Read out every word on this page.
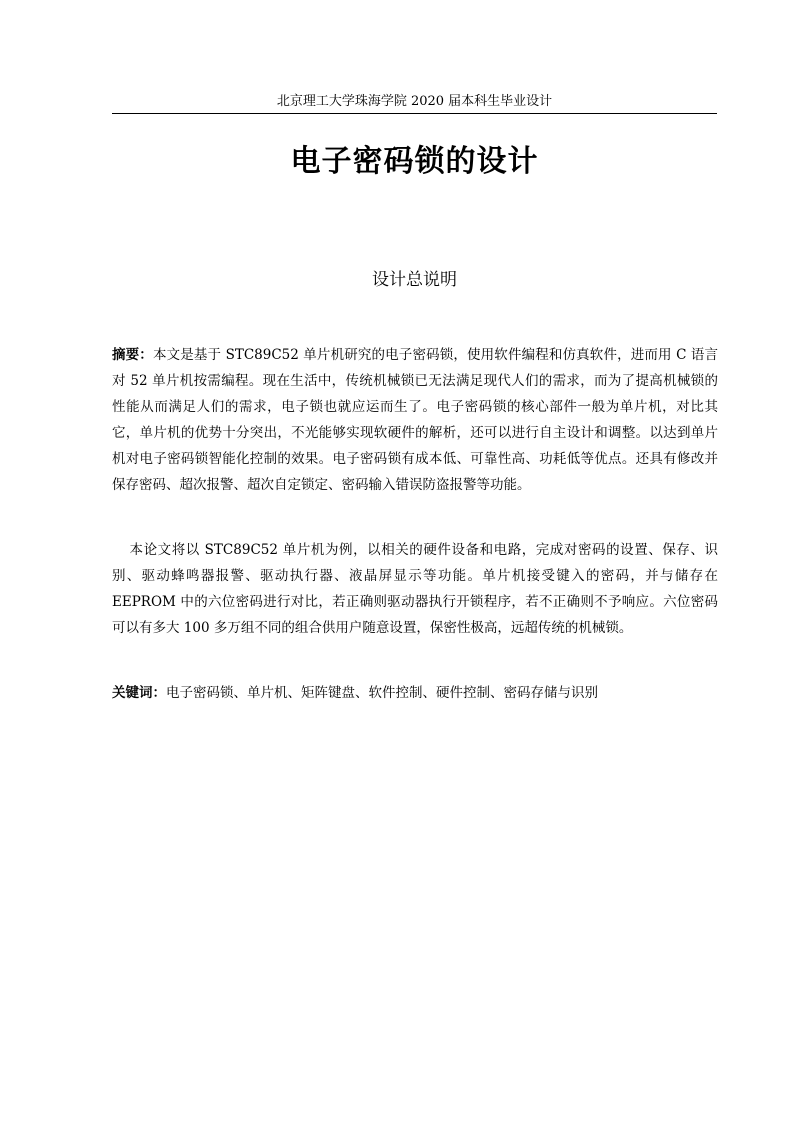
北京理工大学珠海学院 2020 届本科生毕业设计
电子密码锁的设计
设计总说明
摘要：本文是基于 STC89C52 单片机研究的电子密码锁，使用软件编程和仿真软件，进而用 C 语言对 52 单片机按需编程。现在生活中，传统机械锁已无法满足现代人们的需求，而为了提高机械锁的性能从而满足人们的需求，电子锁也就应运而生了。电子密码锁的核心部件一般为单片机，对比其它，单片机的优势十分突出，不光能够实现软硬件的解析，还可以进行自主设计和调整。以达到单片机对电子密码锁智能化控制的效果。电子密码锁有成本低、可靠性高、功耗低等优点。还具有修改并保存密码、超次报警、超次自定锁定、密码输入错误防盗报警等功能。
本论文将以 STC89C52 单片机为例，以相关的硬件设备和电路，完成对密码的设置、保存、识别、驱动蜂鸣器报警、驱动执行器、液晶屏显示等功能。单片机接受键入的密码，并与储存在 EEPROM 中的六位密码进行对比，若正确则驱动器执行开锁程序，若不正确则不予响应。六位密码可以有多大 100 多万组不同的组合供用户随意设置，保密性极高，远超传统的机械锁。
关键词：电子密码锁、单片机、矩阵键盘、软件控制、硬件控制、密码存储与识别
